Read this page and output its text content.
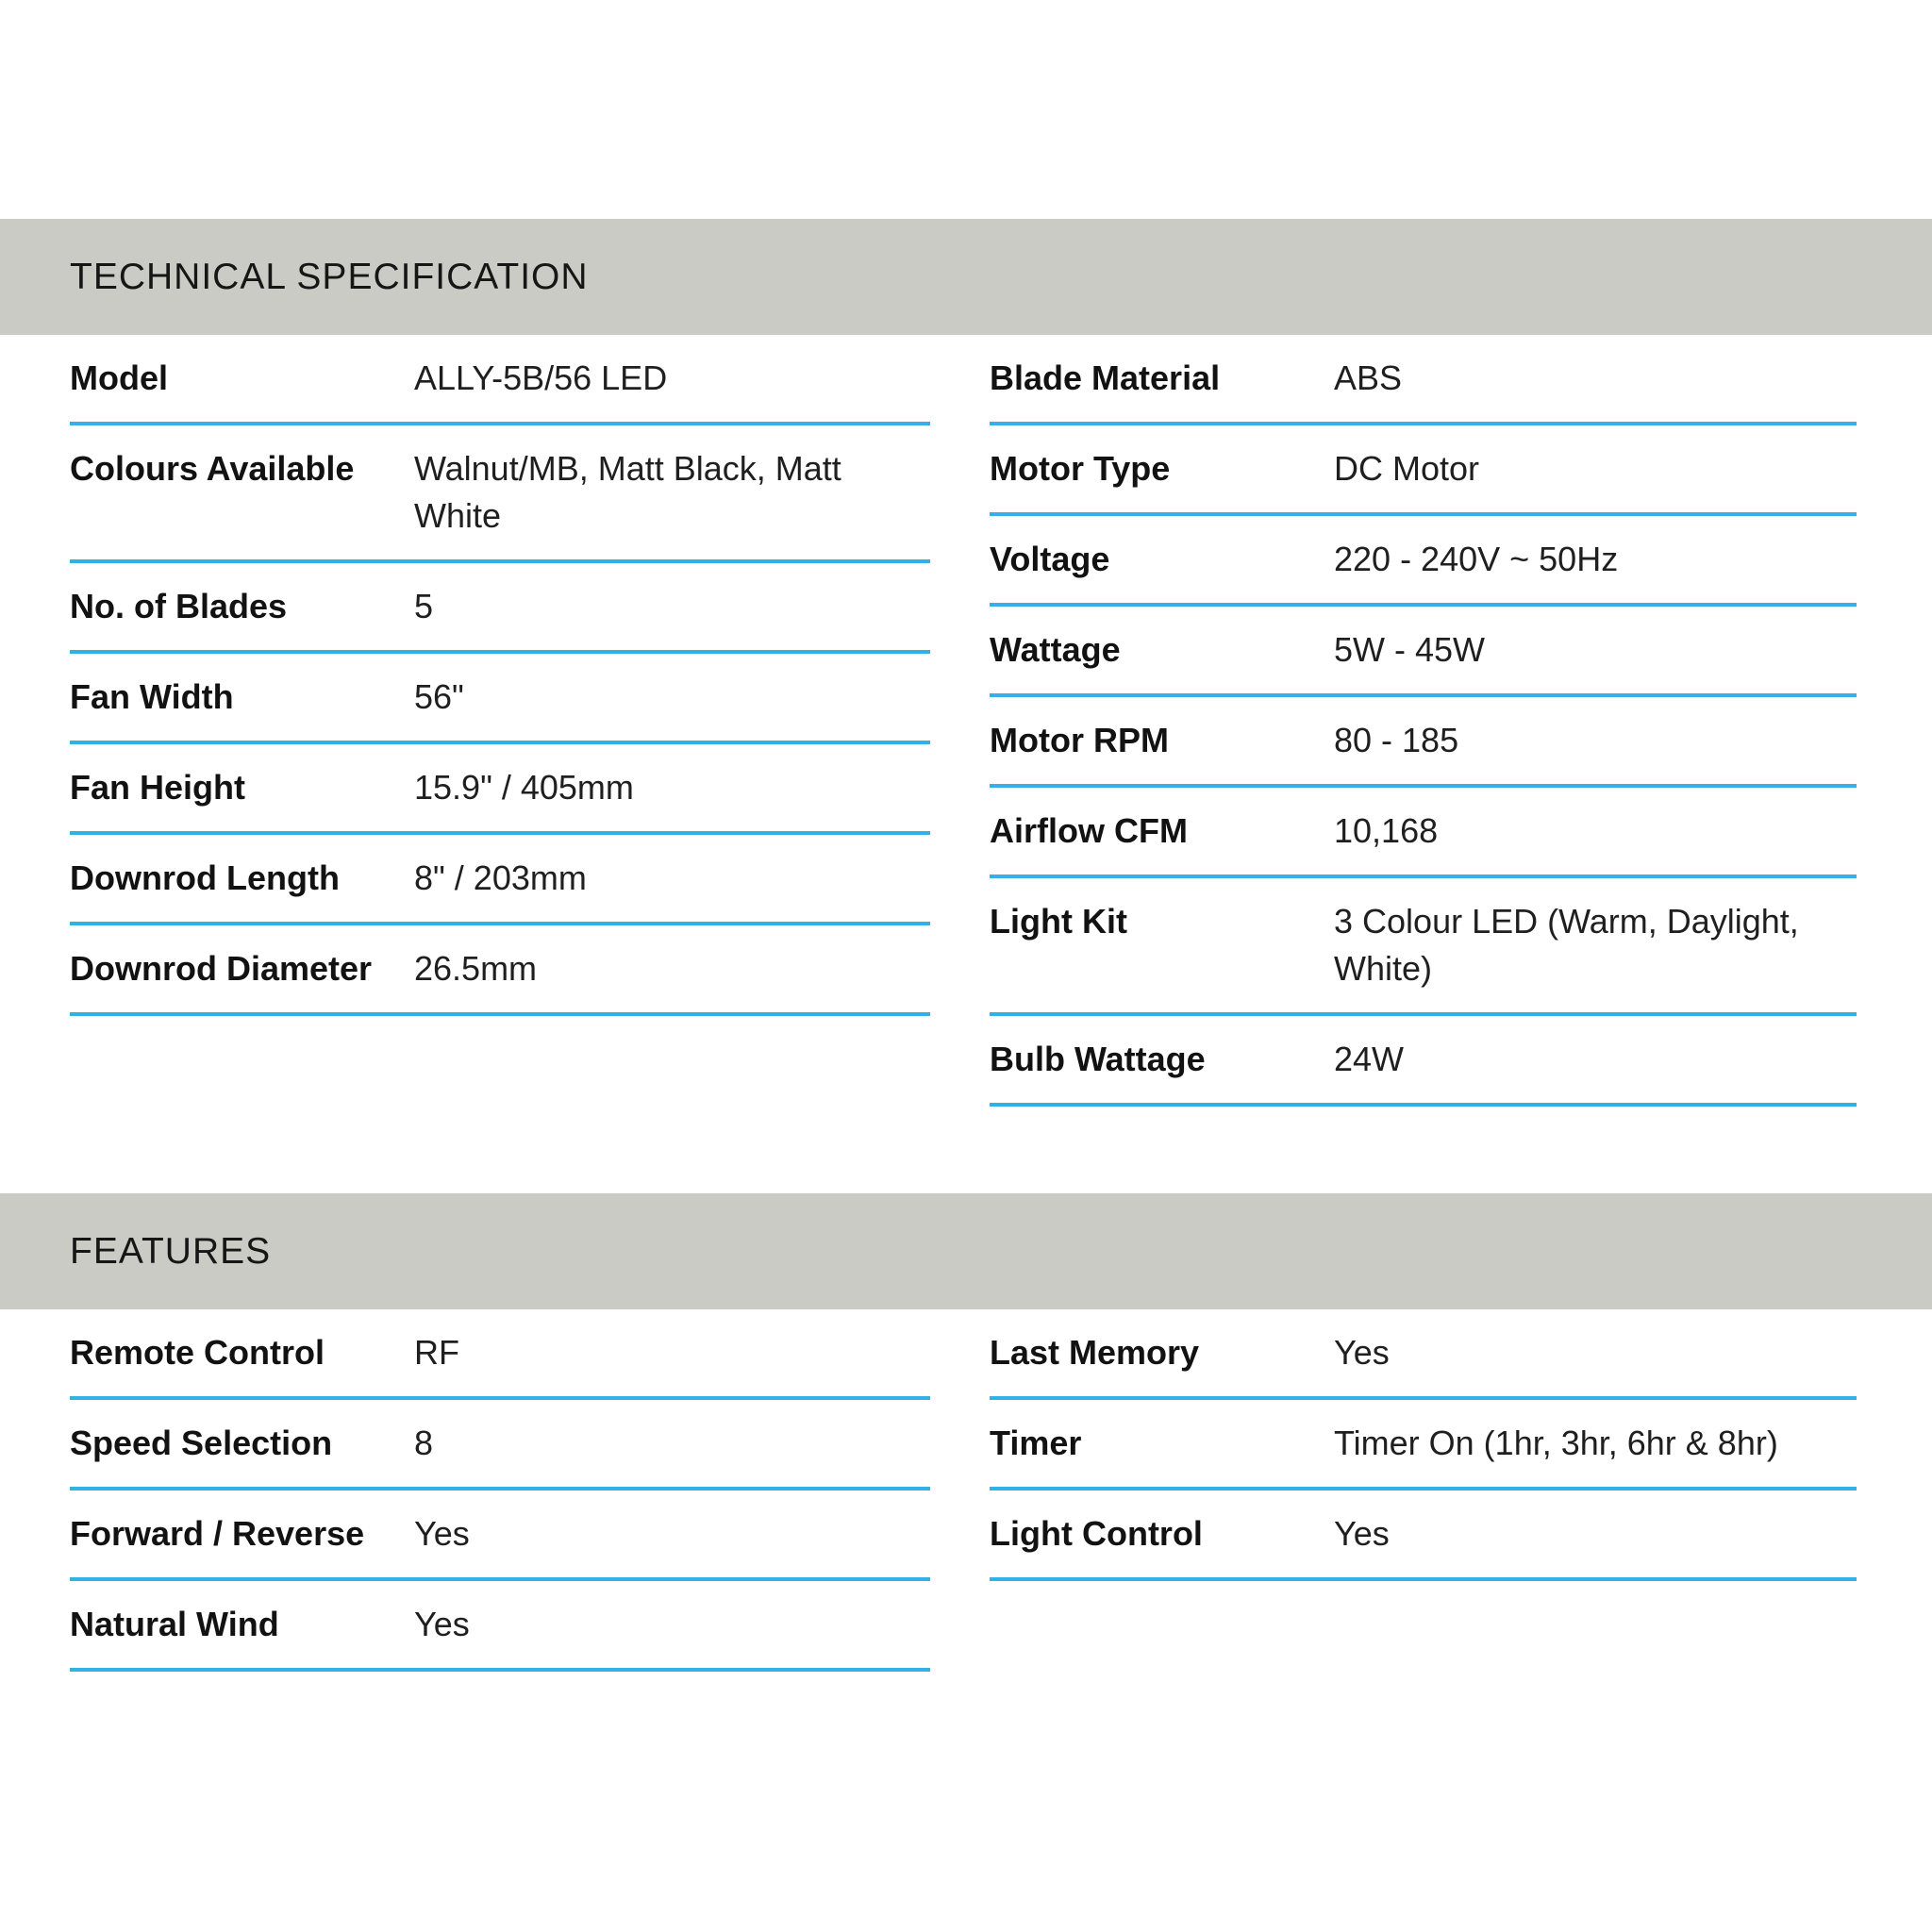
TECHNICAL SPECIFICATION
Model	ALLY-5B/56 LED
Colours Available	Walnut/MB, Matt Black, Matt White
No. of Blades	5
Fan Width	56"
Fan Height	15.9" / 405mm
Downrod Length	8" / 203mm
Downrod Diameter	26.5mm
Blade Material	ABS
Motor Type	DC Motor
Voltage	220 - 240V ~ 50Hz
Wattage	5W - 45W
Motor RPM	80 - 185
Airflow CFM	10,168
Light Kit	3 Colour LED (Warm, Daylight, White)
Bulb Wattage	24W
FEATURES
Remote Control	RF
Speed Selection	8
Forward / Reverse	Yes
Natural Wind	Yes
Last Memory	Yes
Timer	Timer On (1hr, 3hr, 6hr & 8hr)
Light Control	Yes
